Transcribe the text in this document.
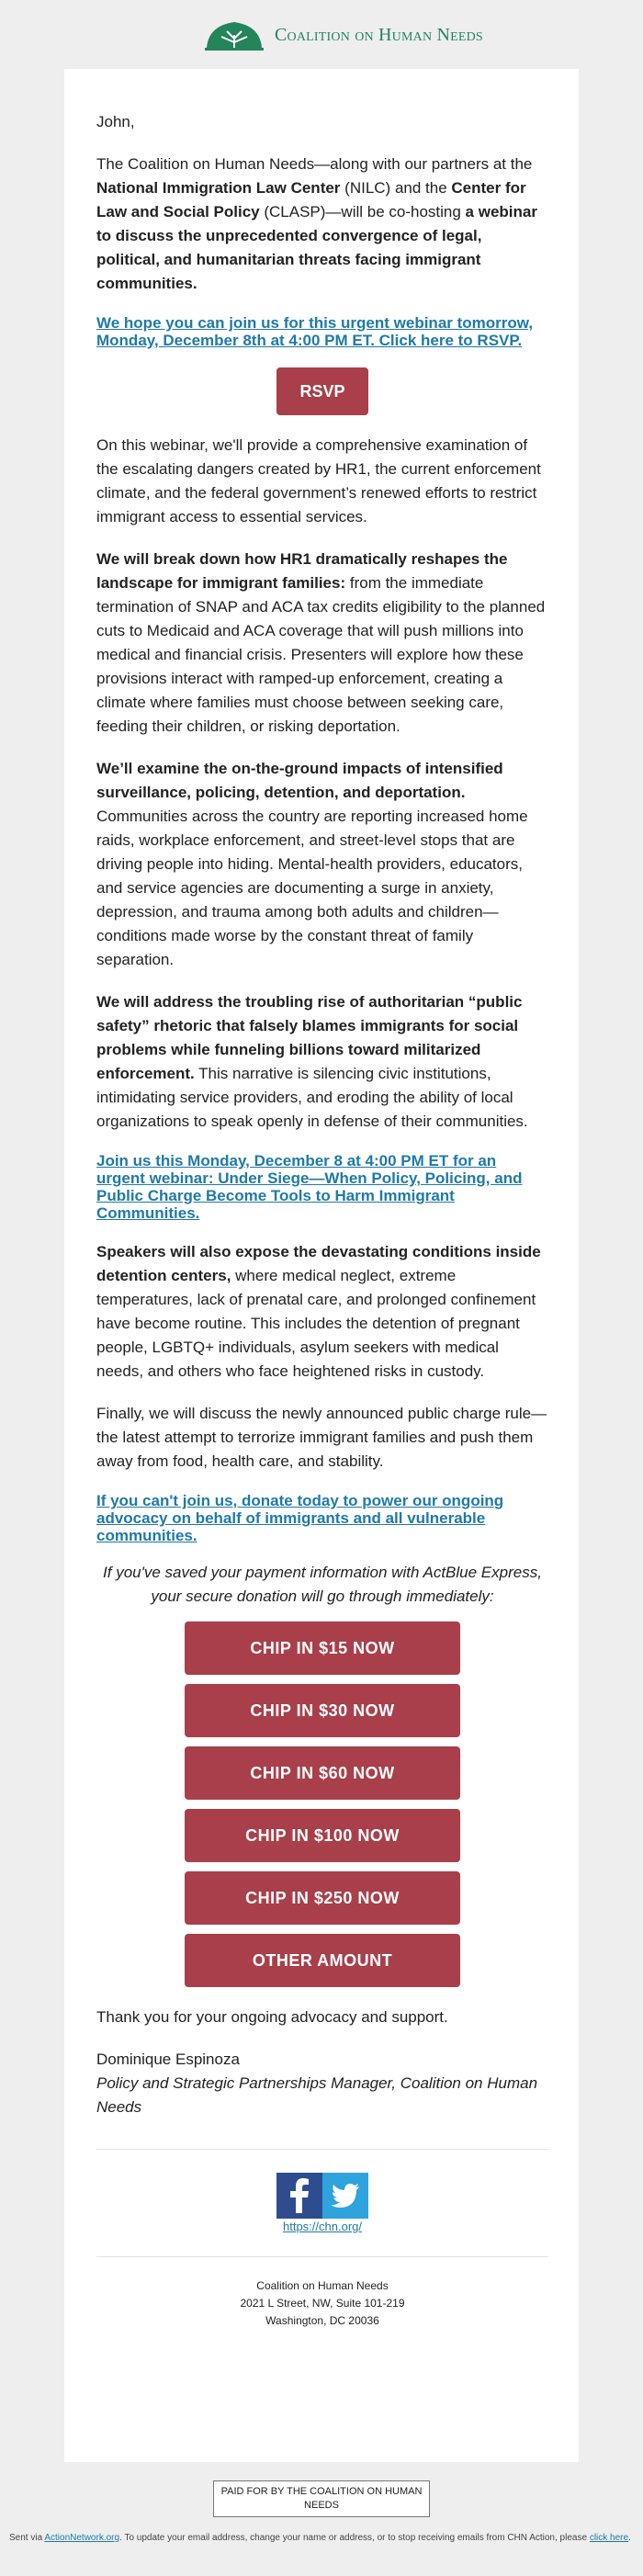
Coalition on Human Needs

John,

The Coalition on Human Needs—along with our partners at the National Immigration Law Center (NILC) and the Center for Law and Social Policy (CLASP)—will be co-hosting a webinar to discuss the unprecedented convergence of legal, political, and humanitarian threats facing immigrant communities.

We hope you can join us for this urgent webinar tomorrow, Monday, December 8th at 4:00 PM ET. Click here to RSVP.
RSVP

On this webinar, we'll provide a comprehensive examination of the escalating dangers created by HR1, the current enforcement climate, and the federal government’s renewed efforts to restrict immigrant access to essential services.

We will break down how HR1 dramatically reshapes the landscape for immigrant families: from the immediate termination of SNAP and ACA tax credits eligibility to the planned cuts to Medicaid and ACA coverage that will push millions into medical and financial crisis. Presenters will explore how these provisions interact with ramped-up enforcement, creating a climate where families must choose between seeking care, feeding their children, or risking deportation.

We’ll examine the on-the-ground impacts of intensified surveillance, policing, detention, and deportation. Communities across the country are reporting increased home raids, workplace enforcement, and street-level stops that are driving people into hiding. Mental-health providers, educators, and service agencies are documenting a surge in anxiety, depression, and trauma among both adults and children—conditions made worse by the constant threat of family separation.

We will address the troubling rise of authoritarian “public safety” rhetoric that falsely blames immigrants for social problems while funneling billions toward militarized enforcement. This narrative is silencing civic institutions, intimidating service providers, and eroding the ability of local organizations to speak openly in defense of their communities.

Join us this Monday, December 8 at 4:00 PM ET for an urgent webinar: Under Siege—When Policy, Policing, and Public Charge Become Tools to Harm Immigrant Communities.

Speakers will also expose the devastating conditions inside detention centers, where medical neglect, extreme temperatures, lack of prenatal care, and prolonged confinement have become routine. This includes the detention of pregnant people, LGBTQ+ individuals, asylum seekers with medical needs, and others who face heightened risks in custody.

Finally, we will discuss the newly announced public charge rule—the latest attempt to terrorize immigrant families and push them away from food, health care, and stability.

If you can't join us, donate today to power our ongoing advocacy on behalf of immigrants and all vulnerable communities.

If you've saved your payment information with ActBlue Express, your secure donation will go through immediately:

CHIP IN $15 NOW
CHIP IN $30 NOW
CHIP IN $60 NOW
CHIP IN $100 NOW
CHIP IN $250 NOW
OTHER AMOUNT

Thank you for your ongoing advocacy and support.

Dominique Espinoza

Policy and Strategic Partnerships Manager, Coalition on Human Needs

https://chn.org/
Coalition on Human Needs
2021 L Street, NW, Suite 101-219
Washington, DC 20036
PAID FOR BY THE COALITION ON HUMAN NEEDS
Sent via ActionNetwork.org. To update your email address, change your name or address, or to stop receiving emails from CHN Action, please click here.
